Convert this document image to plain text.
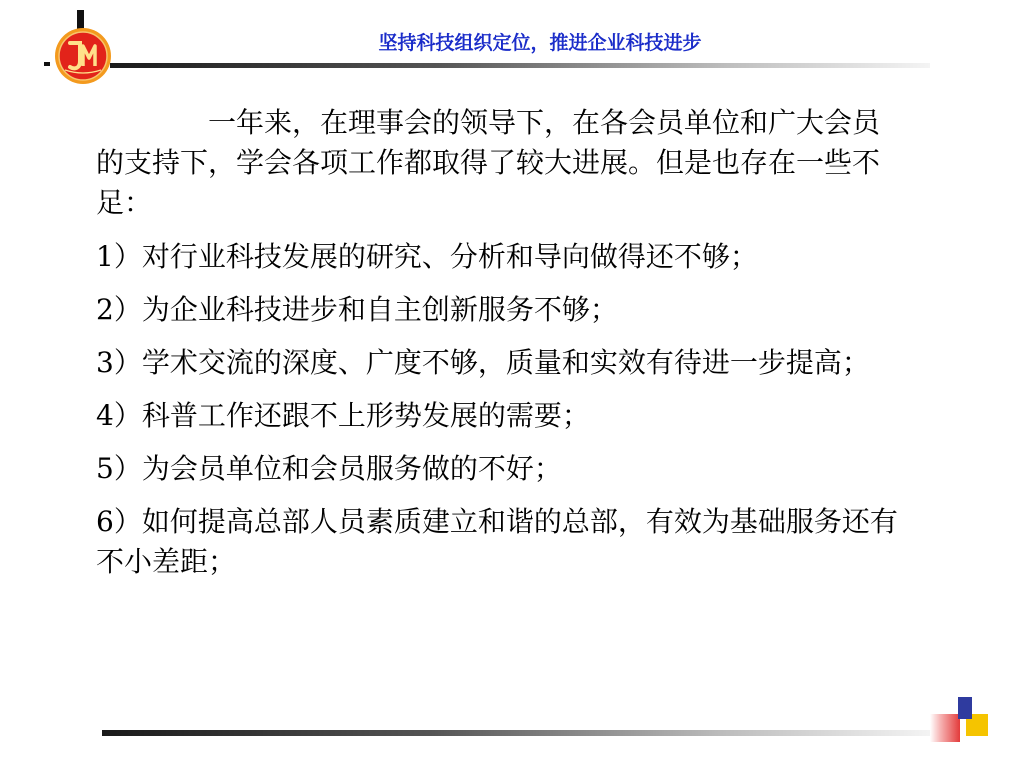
坚持科技组织定位，推进企业科技进步

一年来，在理事会的领导下，在各会员单位和广大会员的支持下，学会各项工作都取得了较大进展。但是也存在一些不足：

1）对行业科技发展的研究、分析和导向做得还不够；

2）为企业科技进步和自主创新服务不够；

3）学术交流的深度、广度不够，质量和实效有待进一步提高；

4）科普工作还跟不上形势发展的需要；

5）为会员单位和会员服务做的不好；

6）如何提高总部人员素质建立和谐的总部，有效为基础服务还有不小差距；
